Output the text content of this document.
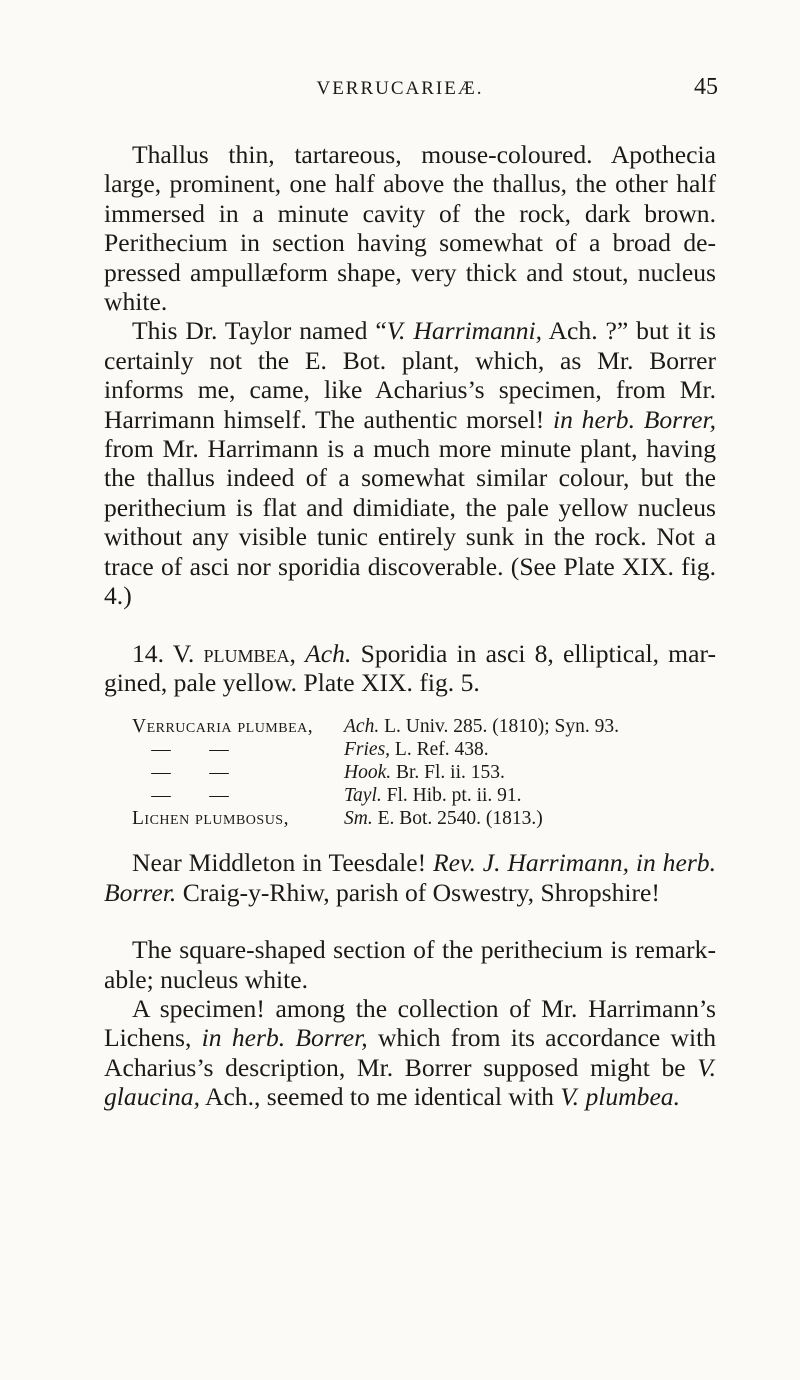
VERRUCARIEÆ.	45

Thallus thin, tartareous, mouse-coloured. Apothecia large, prominent, one half above the thallus, the other half immersed in a minute cavity of the rock, dark brown. Perithecium in section having somewhat of a broad de-pressed ampullæform shape, very thick and stout, nucleus white.

This Dr. Taylor named “V. Harrimanni, Ach. ?” but it is certainly not the E. Bot. plant, which, as Mr. Borrer informs me, came, like Acharius’s specimen, from Mr. Harrimann himself. The authentic morsel! in herb. Borrer, from Mr. Harrimann is a much more minute plant, having the thallus indeed of a somewhat similar colour, but the perithecium is flat and dimidiate, the pale yellow nucleus without any visible tunic entirely sunk in the rock. Not a trace of asci nor sporidia discoverable. (See Plate XIX. fig. 4.)

14. V. plumbea, Ach. Sporidia in asci 8, elliptical, mar-gined, pale yellow. Plate XIX. fig. 5.

Verrucaria plumbea,	Ach. L. Univ. 285. (1810); Syn. 93.
— —	Fries, L. Ref. 438.
— —	Hook. Br. Fl. ii. 153.
— —	Tayl. Fl. Hib. pt. ii. 91.
Lichen plumbosus,	Sm. E. Bot. 2540. (1813.)

Near Middleton in Teesdale! Rev. J. Harrimann, in herb. Borrer. Craig-y-Rhiw, parish of Oswestry, Shropshire!

The square-shaped section of the perithecium is remark-able; nucleus white.

A specimen! among the collection of Mr. Harrimann’s Lichens, in herb. Borrer, which from its accordance with Acharius’s description, Mr. Borrer supposed might be V. glaucina, Ach., seemed to me identical with V. plumbea.
